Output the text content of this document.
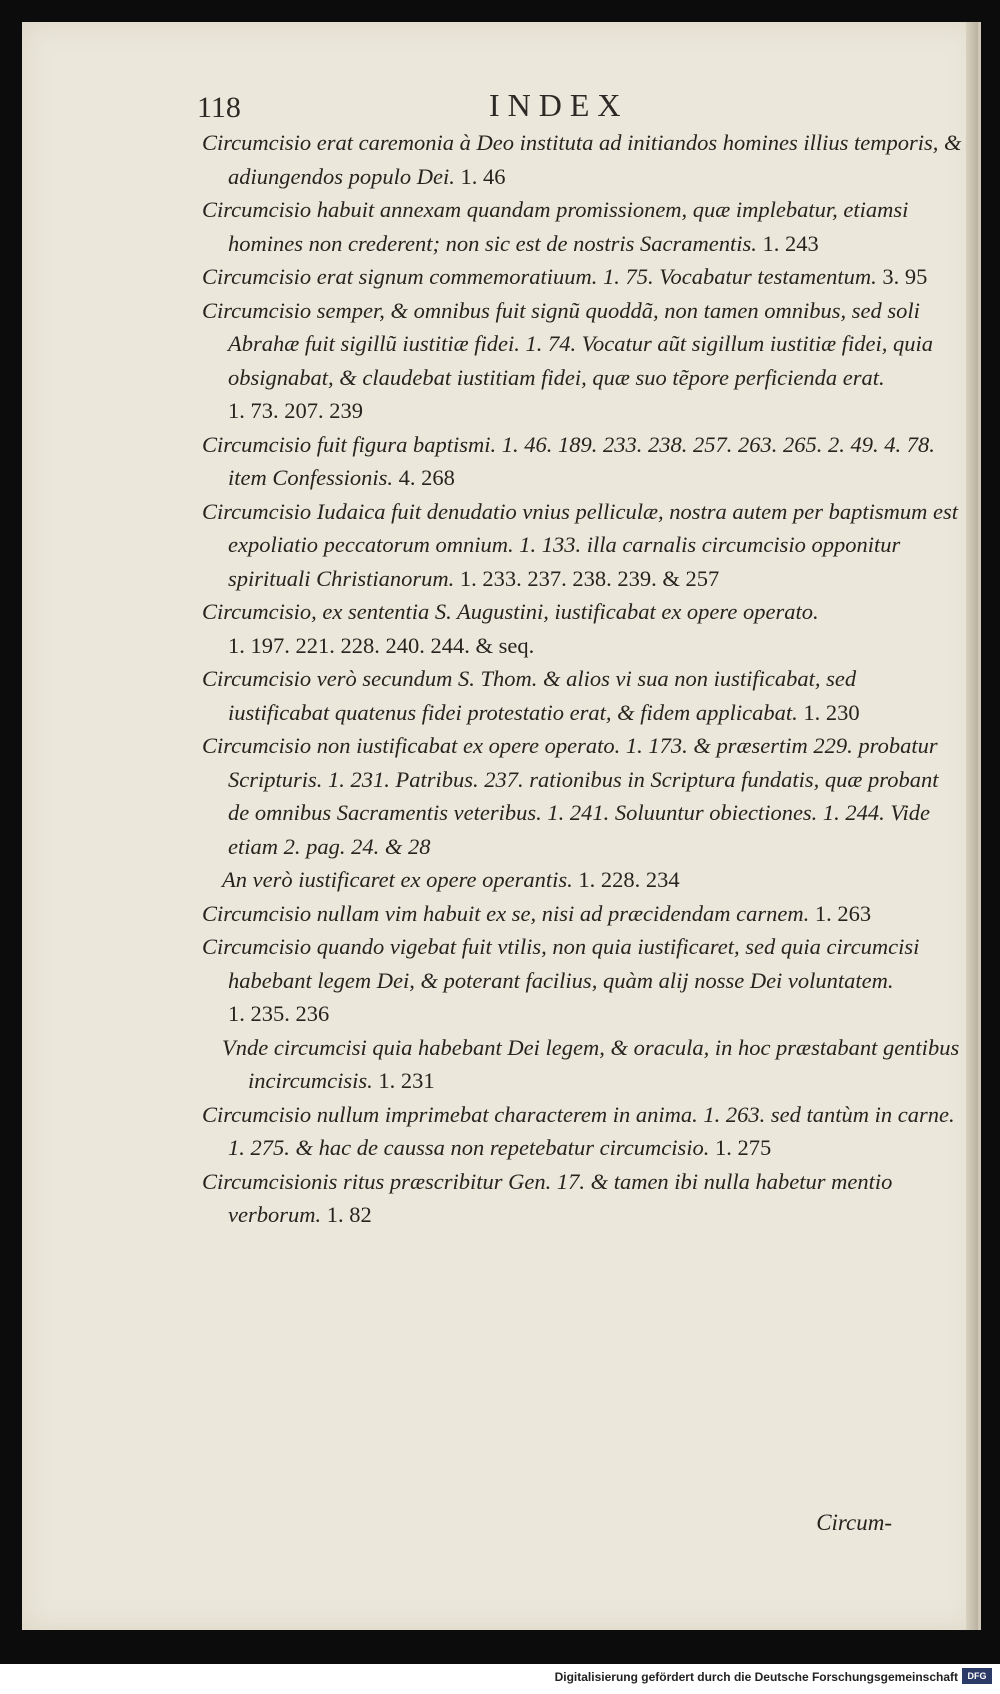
118	INDEX

Circumcisio erat caremonia à Deo instituta ad initiandos homines illius temporis, & adiungendos populo Dei. 1. 46

Circumcisio habuit annexam quandam promissionem, quæ implebatur, etiamsi homines non crederent; non sic est de nostris Sacramentis. 1. 243

Circumcisio erat signum commemoratiuum. 1. 75. Vocabatur testamentum. 3. 95

Circumcisio semper, & omnibus fuit signũ quoddã, non tamen omnibus, sed soli Abrahæ fuit sigillũ iustitiæ fidei. 1. 74. Vocatur aũt sigillum iustitiæ fidei, quia obsignabat, & claudebat iustitiam fidei, quæ suo tẽpore perficienda erat. 1. 73. 207. 239

Circumcisio fuit figura baptismi. 1. 46. 189. 233. 238. 257. 263. 265. 2. 49. 4. 78. item Confessionis. 4. 268

Circumcisio Iudaica fuit denudatio vnius pelliculæ, nostra autem per baptismum est expoliatio peccatorum omnium. 1. 133. illa carnalis circumcisio opponitur spirituali Christianorum. 1. 233. 237. 238. 239. & 257

Circumcisio, ex sententia S. Augustini, iustificabat ex opere operato. 1. 197. 221. 228. 240. 244. & seq.

Circumcisio verò secundum S. Thom. & alios vi sua non iustificabat, sed iustificabat quatenus fidei protestatio erat, & fidem applicabat. 1. 230

Circumcisio non iustificabat ex opere operato. 1. 173. & præsertim 229. probatur Scripturis. 1. 231. Patribus. 237. rationibus in Scriptura fundatis, quæ probant de omnibus Sacramentis veteribus. 1. 241. Soluuntur obiectiones. 1. 244. Vide etiam 2. pag. 24. & 28

An verò iustificaret ex opere operantis. 1. 228. 234

Circumcisio nullam vim habuit ex se, nisi ad præcidendam carnem. 1. 263

Circumcisio quando vigebat fuit vtilis, non quia iustificaret, sed quia circumcisi habebant legem Dei, & poterant facilius, quàm alij nosse Dei voluntatem. 1. 235. 236

Vnde circumcisi quia habebant Dei legem, & oracula, in hoc præstabant gentibus incircumcisis. 1. 231

Circumcisio nullum imprimebat characterem in anima. 1. 263. sed tantùm in carne. 1. 275. & hac de caussa non repetebatur circumcisio. 1. 275

Circumcisionis ritus præscribitur Gen. 17. & tamen ibi nulla habetur mentio verborum. 1. 82

Circum-
Digitalisierung gefördert durch die Deutsche Forschungsgemeinschaft	DFG
